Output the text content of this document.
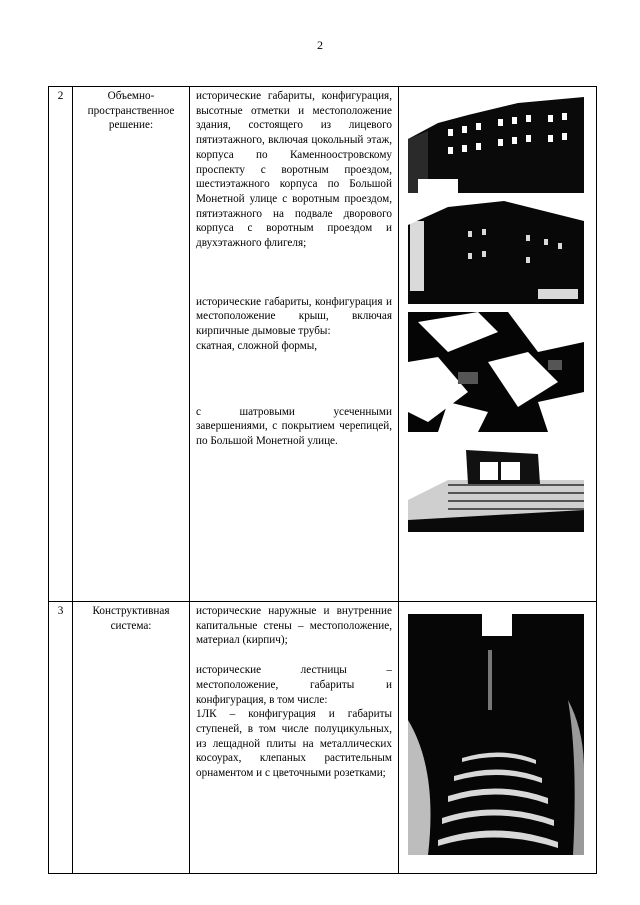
2
2	Объемно-пространственное решение:	исторические габариты, конфигурация, высотные отметки и местоположение здания, состоящего из лицевого пятиэтажного, включая цокольный этаж, корпуса по Каменноостровскому проспекту с воротным проездом, шестиэтажного корпуса по Большой Монетной улице с воротным проездом, пятиэтажного на подвале дворового корпуса с воротным проездом и двухэтажного флигеля;
исторические габариты, конфигурация и местоположение крыш, включая кирпичные дымовые трубы:
скатная, сложной формы,
с шатровыми усеченными завершениями, с покрытием черепицей, по Большой Монетной улице.

3	Конструктивная система:	исторические наружные и внутренние капитальные стены – местоположение, материал (кирпич);
исторические лестницы – местоположение, габариты и конфигурация, в том числе:
1ЛК – конфигурация и габариты ступеней, в том числе полуцикульных, из лещадной плиты на металлических косоурах, клепаных растительным орнаментом и с цветочными розетками;
